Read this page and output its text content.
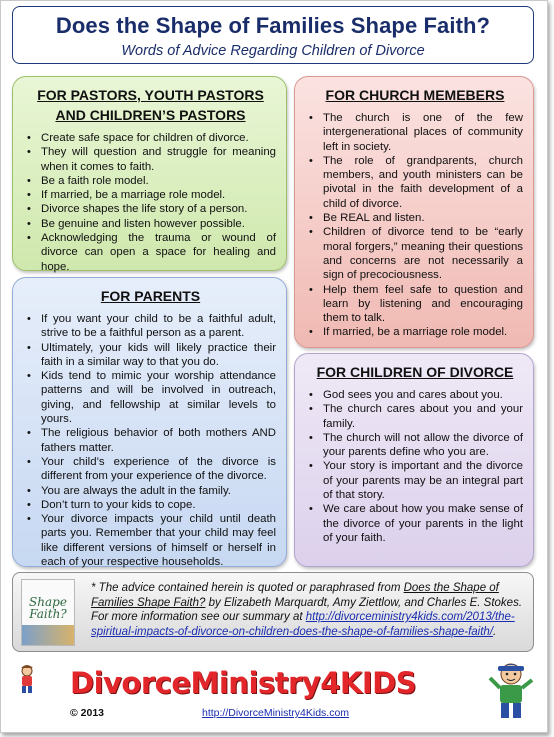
Does the Shape of Families Shape Faith?
Words of Advice Regarding Children of Divorce
FOR PASTORS, YOUTH PASTORS AND CHILDREN’S PASTORS
• Create safe space for children of divorce.
• They will question and struggle for meaning when it comes to faith.
• Be a faith role model.
• If married, be a marriage role model.
• Divorce shapes the life story of a person.
• Be genuine and listen however possible.
• Acknowledging the trauma or wound of divorce can open a space for healing and hope.
FOR CHURCH MEMEBERS
• The church is one of the few intergenerational places of community left in society.
• The role of grandparents, church members, and youth ministers can be pivotal in the faith development of a child of divorce.
• Be REAL and listen.
• Children of divorce tend to be “early moral forgers,” meaning their questions and concerns are not necessarily a sign of precociousness.
• Help them feel safe to question and learn by listening and encouraging them to talk.
• If married, be a marriage role model.
FOR PARENTS
• If you want your child to be a faithful adult, strive to be a faithful person as a parent.
• Ultimately, your kids will likely practice their faith in a similar way to that you do.
• Kids tend to mimic your worship attendance patterns and will be involved in outreach, giving, and fellowship at similar levels to yours.
• The religious behavior of both mothers AND fathers matter.
• Your child’s experience of the divorce is different from your experience of the divorce.
• You are always the adult in the family.
• Don’t turn to your kids to cope.
• Your divorce impacts your child until death parts you. Remember that your child may feel like different versions of himself or herself in each of your respective households.
FOR CHILDREN OF DIVORCE
• God sees you and cares about you.
• The church cares about you and your family.
• The church will not allow the divorce of your parents define who you are.
• Your story is important and the divorce of your parents may be an integral part of that story.
• We care about how you make sense of the divorce of your parents in the light of your faith.
Shape Faith?
* The advice contained herein is quoted or paraphrased from Does the Shape of Families Shape Faith? by Elizabeth Marquardt, Amy Ziettlow, and Charles E. Stokes. For more information see our summary at http://divorceministry4kids.com/2013/the-spiritual-impacts-of-divorce-on-children-does-the-shape-of-families-shape-faith/.
DivorceMinistry4KIDS
© 2013	http://DivorceMinistry4Kids.com
